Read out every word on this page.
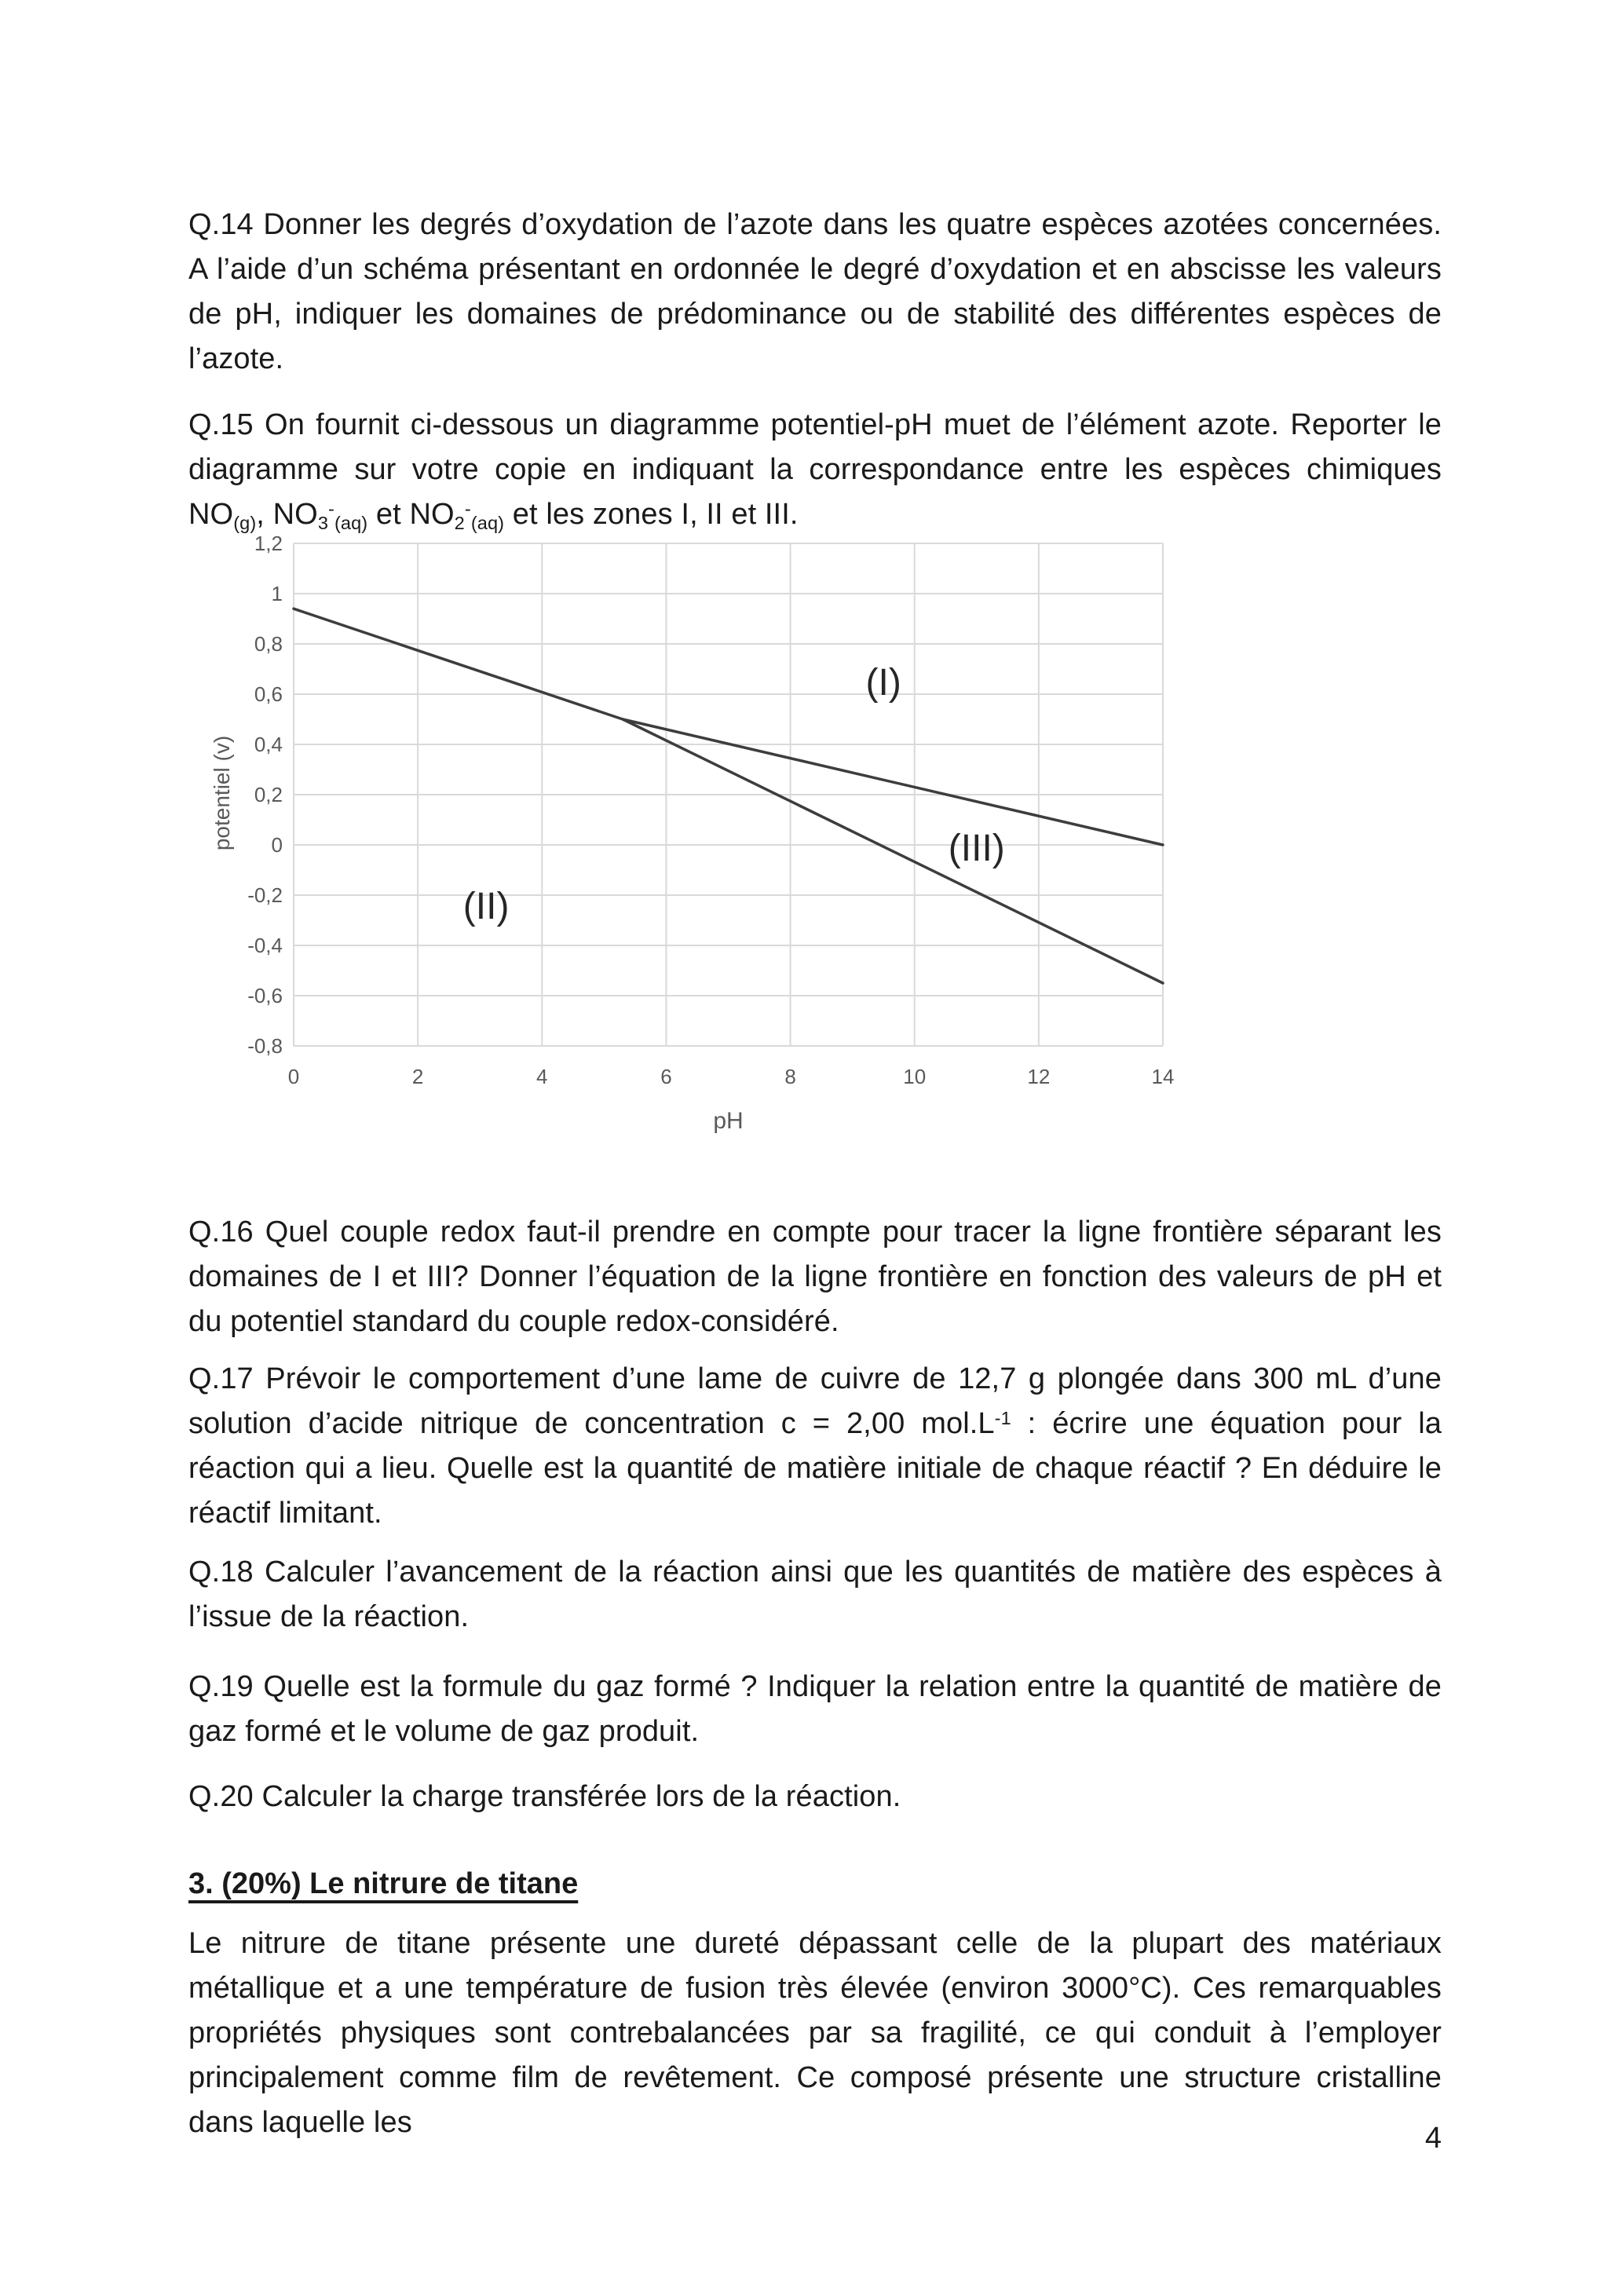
Q.14 Donner les degrés d’oxydation de l’azote dans les quatre espèces azotées concernées. A l’aide d’un schéma présentant en ordonnée le degré d’oxydation et en abscisse les valeurs de pH, indiquer les domaines de prédominance ou de stabilité des différentes espèces de l’azote.

Q.15 On fournit ci-dessous un diagramme potentiel-pH muet de l’élément azote. Reporter le diagramme sur votre copie en indiquant la correspondance entre les espèces chimiques $NO_{(g)}$, $NO_3^-_{(aq)}$ et $NO_2^-_{(aq)}$ et les zones I, II et III.

1,2
1
0,8
0,6
0,4
0,2
0
-0,2
-0,4
-0,6
-0,8
0	2	4	6	8	10	12	14
pH
potentiel (v)
(I)
(II)
(III)

Q.16 Quel couple redox faut-il prendre en compte pour tracer la ligne frontière séparant les domaines de I et III? Donner l’équation de la ligne frontière en fonction des valeurs de pH et du potentiel standard du couple redox-considéré.

Q.17 Prévoir le comportement d’une lame de cuivre de 12,7 g plongée dans 300 mL d’une solution d’acide nitrique de concentration c = 2,00 $mol.L^{-1}$ : écrire une équation pour la réaction qui a lieu. Quelle est la quantité de matière initiale de chaque réactif ? En déduire le réactif limitant.

Q.18 Calculer l’avancement de la réaction ainsi que les quantités de matière des espèces à l’issue de la réaction.

Q.19 Quelle est la formule du gaz formé ? Indiquer la relation entre la quantité de matière de gaz formé et le volume de gaz produit.

Q.20 Calculer la charge transférée lors de la réaction.

3. (20%) Le nitrure de titane

Le nitrure de titane présente une dureté dépassant celle de la plupart des matériaux métallique et a une température de fusion très élevée (environ 3000°C). Ces remarquables propriétés physiques sont contrebalancées par sa fragilité, ce qui conduit à l’employer principalement comme film de revêtement. Ce composé présente une structure cristalline dans laquelle les	4
